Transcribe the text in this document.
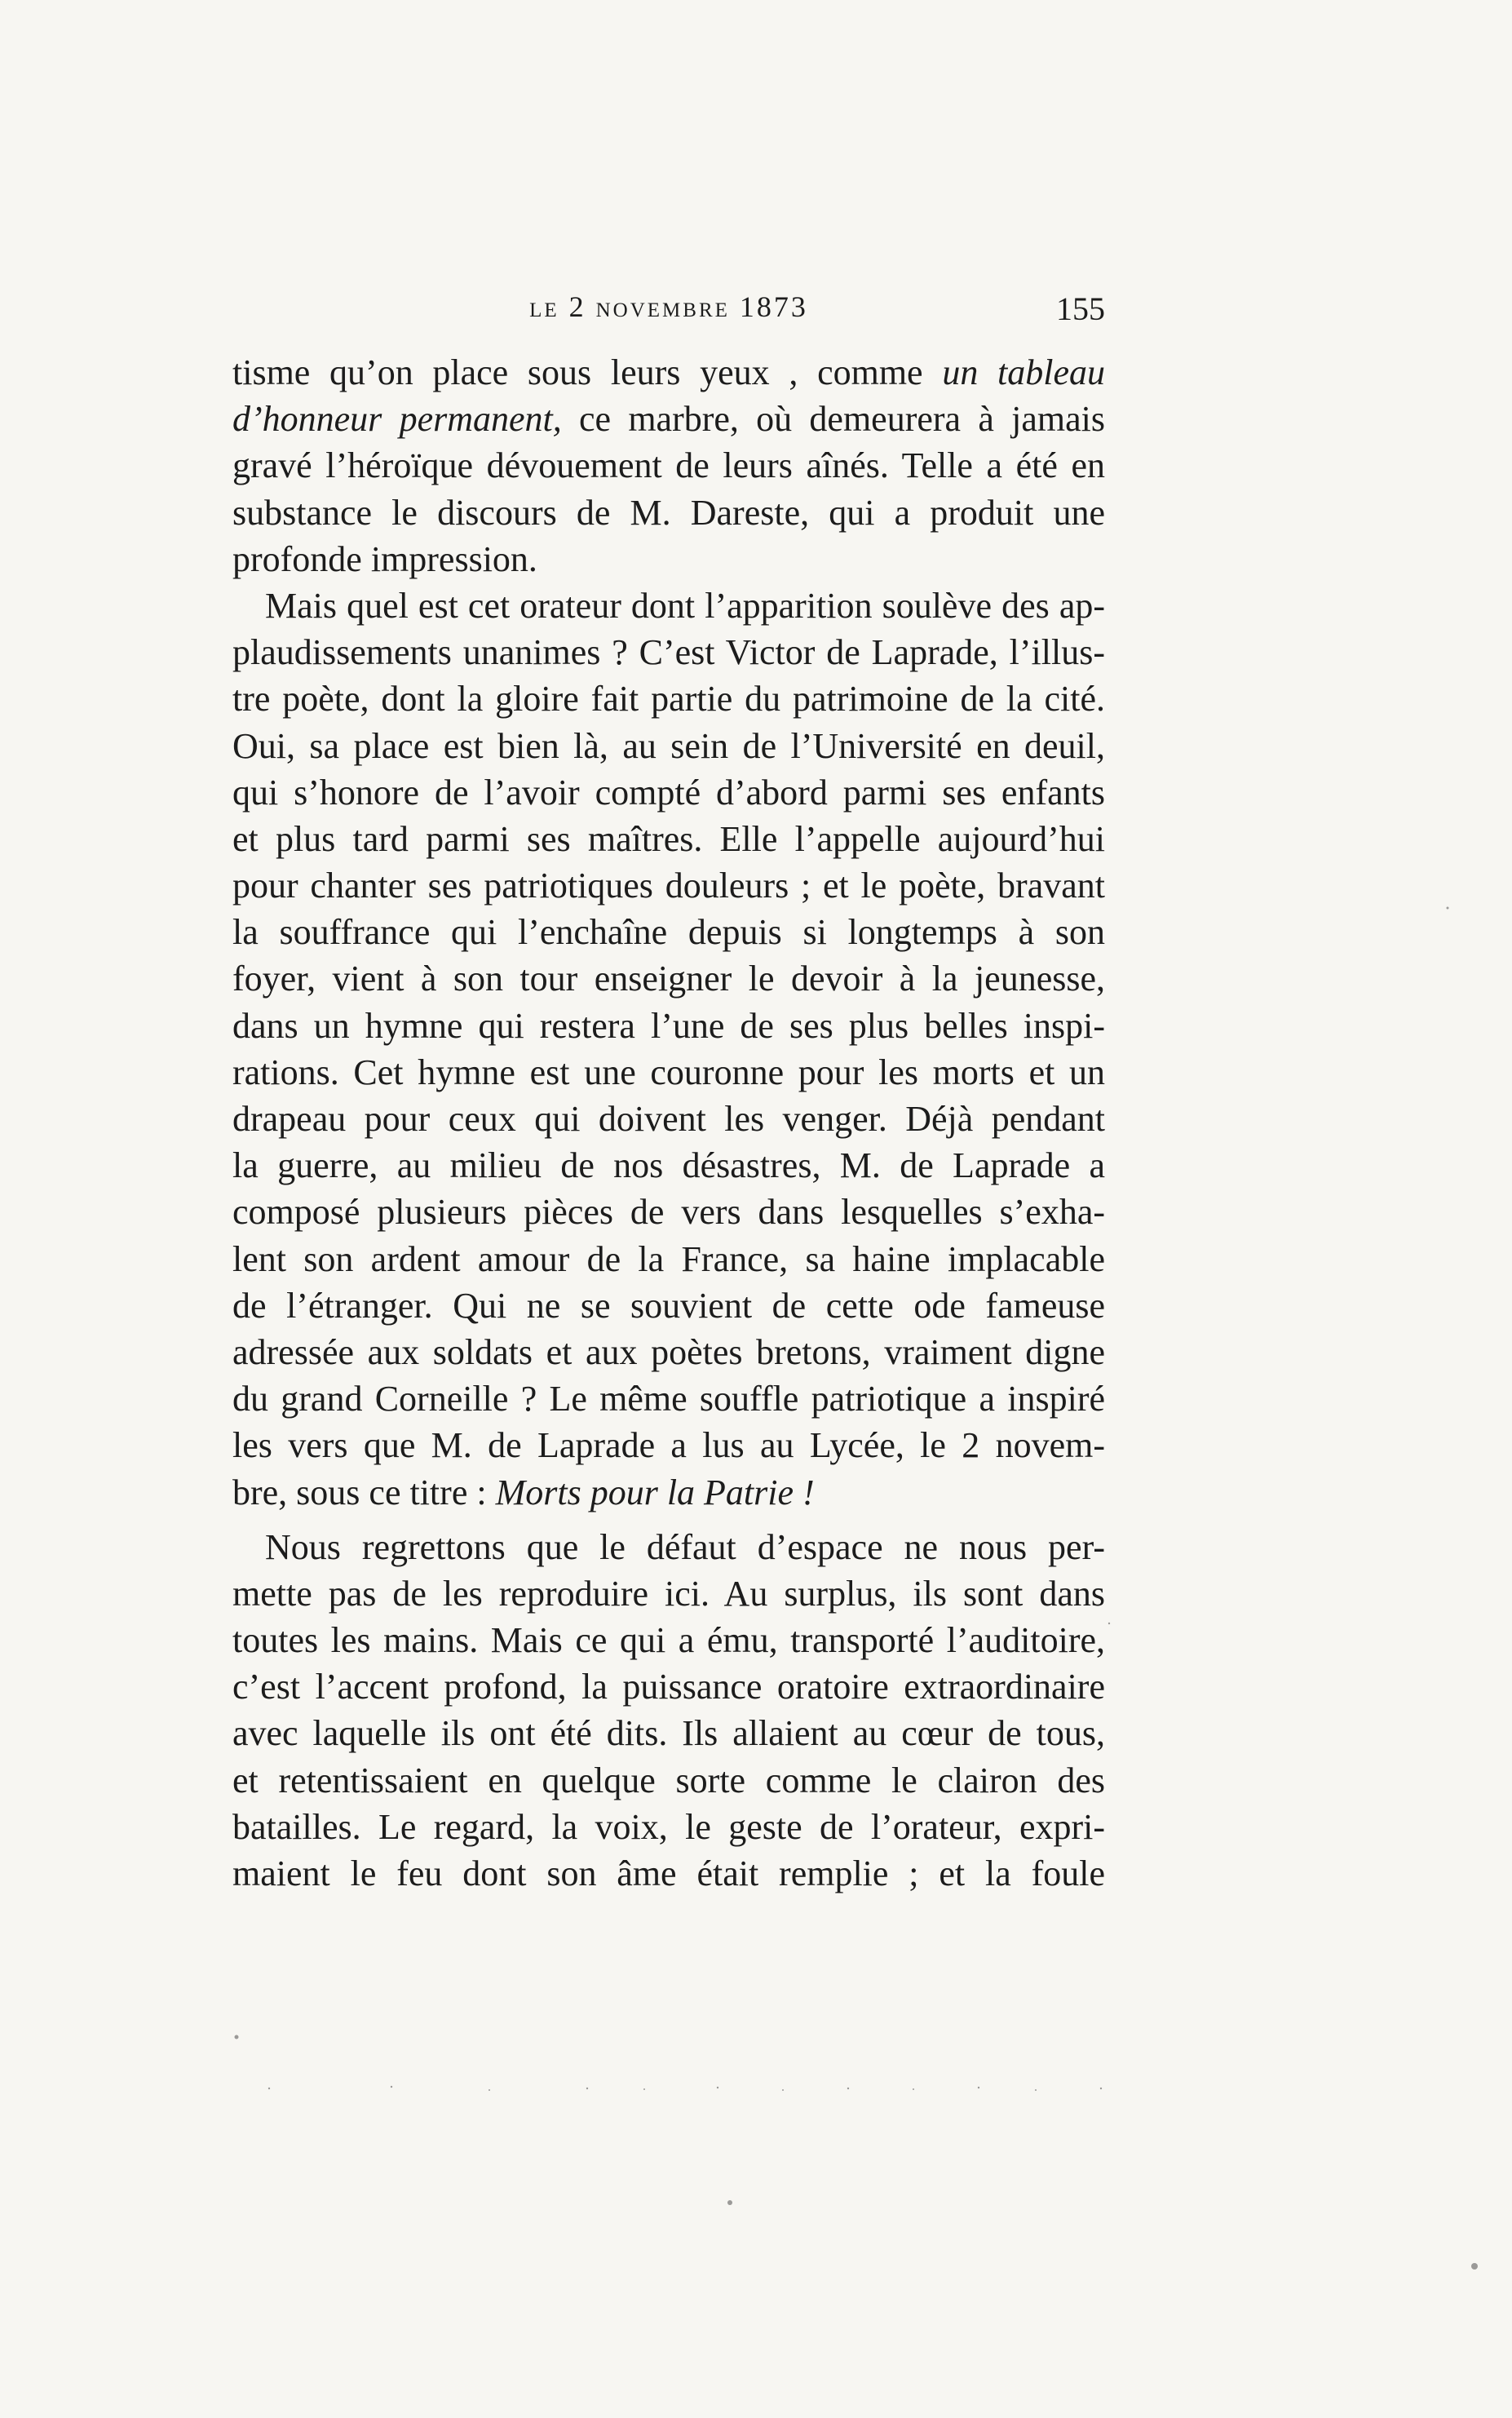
le 2 novembre 1873	155
tisme qu’on place sous leurs yeux , comme un tableau
d’honneur permanent, ce marbre, où demeurera à jamais
gravé l’héroïque dévouement de leurs aînés. Telle a été en
substance le discours de M. Dareste, qui a produit une
profonde impression.
Mais quel est cet orateur dont l’apparition soulève des ap-
plaudissements unanimes ? C’est Victor de Laprade, l’illus-
tre poète, dont la gloire fait partie du patrimoine de la cité.
Oui, sa place est bien là, au sein de l’Université en deuil,
qui s’honore de l’avoir compté d’abord parmi ses enfants
et plus tard parmi ses maîtres. Elle l’appelle aujourd’hui
pour chanter ses patriotiques douleurs ; et le poète, bravant
la souffrance qui l’enchaîne depuis si longtemps à son
foyer, vient à son tour enseigner le devoir à la jeunesse,
dans un hymne qui restera l’une de ses plus belles inspi-
rations. Cet hymne est une couronne pour les morts et un
drapeau pour ceux qui doivent les venger. Déjà pendant
la guerre, au milieu de nos désastres, M. de Laprade a
composé plusieurs pièces de vers dans lesquelles s’exha-
lent son ardent amour de la France, sa haine implacable
de l’étranger. Qui ne se souvient de cette ode fameuse
adressée aux soldats et aux poètes bretons, vraiment digne
du grand Corneille ? Le même souffle patriotique a inspiré
les vers que M. de Laprade a lus au Lycée, le 2 novem-
bre, sous ce titre : Morts pour la Patrie !
Nous regrettons que le défaut d’espace ne nous per-
mette pas de les reproduire ici. Au surplus, ils sont dans
toutes les mains. Mais ce qui a ému, transporté l’auditoire,
c’est l’accent profond, la puissance oratoire extraordinaire
avec laquelle ils ont été dits. Ils allaient au cœur de tous,
et retentissaient en quelque sorte comme le clairon des
batailles. Le regard, la voix, le geste de l’orateur, expri-
maient le feu dont son âme était remplie ; et la foule
